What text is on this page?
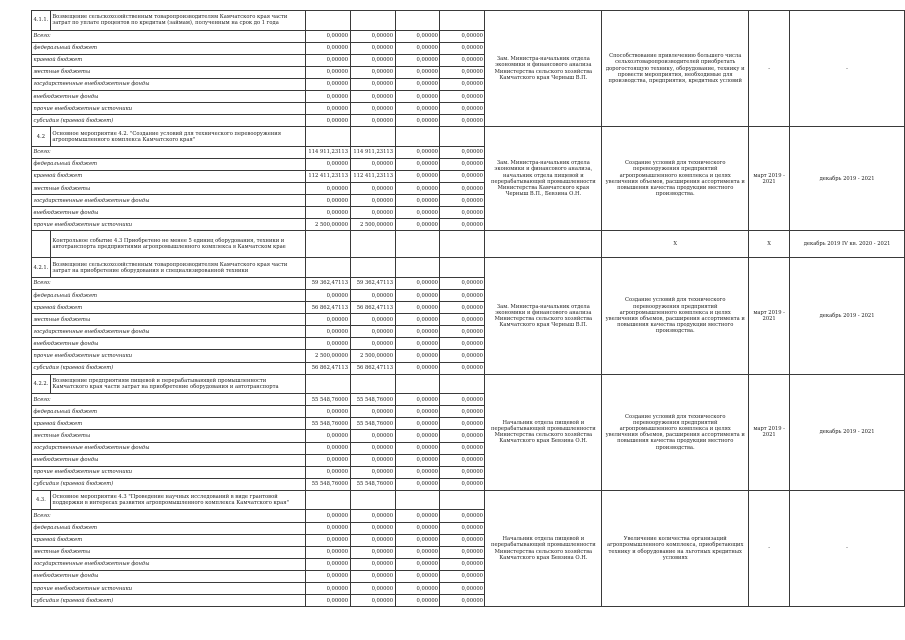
4.1.1.	Возмещение сельскохозяйственным товаропроизводителям Камчатского края части затрат по уплате процентов по кредитам (займам), полученным на срок до 1 года					Зам. Министра-начальник отдела экономики и финансового анализа Министерства сельского хозяйства Камчатского края Черныш В.П.	Способствование привлечению большего числа сельхозтоваропроизводителей приобретать дорогостоящую технику, оборудование, технику и провести мероприятия, необходимые для производства, предприятия, кредитных условий	-	-
Всего:		0,00000	0,00000	0,00000	0,00000				
федеральный бюджет		0,00000	0,00000	0,00000	0,00000				
краевой бюджет		0,00000	0,00000	0,00000	0,00000				
местные бюджеты		0,00000	0,00000	0,00000	0,00000				
государственные внебюджетные фонды		0,00000	0,00000	0,00000	0,00000				
внебюджетные фонды		0,00000	0,00000	0,00000	0,00000				
прочие внебюджетные источники		0,00000	0,00000	0,00000	0,00000				
субсидия (краевой бюджет)		0,00000	0,00000	0,00000	0,00000				
4.2	Основное мероприятие 4.2. "Создание условий для технического перевооружения агропромышленного комплекса Камчатского края"					Зам. Министра-начальник отдела экономики и финансового анализа, начальник отдела пищевой и перерабатывающей промышленности Министерства Камчатского края Черныш В.П., Бевзина О.Н.	Создание условий для технического перевооружения предприятий агропромышленного комплекса и целях увеличения объемов, расширения ассортимента и повышения качества продукции местного производства.	март 2019 - 2021	декабрь 2019 - 2021
Всего:		114 911,23113	114 911,23113	0,00000	0,00000				
федеральный бюджет		0,00000	0,00000	0,00000	0,00000				
краевой бюджет		112 411,23113	112 411,23113	0,00000	0,00000				
местные бюджеты		0,00000	0,00000	0,00000	0,00000				
государственные внебюджетные фонды		0,00000	0,00000	0,00000	0,00000				
внебюджетные фонды		0,00000	0,00000	0,00000	0,00000				
прочие внебюджетные источники		2 500,00000	2 500,00000	0,00000	0,00000				
	Контрольное событие 4.3 Приобретено не менее 5 единиц оборудования, техники и автотранспорта предприятиями агропромышленного комплекса в Камчатском крае						Х	Х	декабрь 2019 IV кв. 2020 - 2021
4.2.1.	Возмещение сельскохозяйственным товаропроизводителям Камчатского края части затрат на приобретение оборудования и специализированной техники					Зам. Министра-начальник отдела экономики и финансового анализа Министерства сельского хозяйства Камчатского края Черныш В.П.	Создание условий для технического перевооружения предприятий агропромышленного комплекса и целях увеличения объемов, расширения ассортимента и повышения качества продукции местного производства.	март 2019 - 2021	декабрь 2019 - 2021
Всего:		59 362,47113	59 362,47113	0,00000	0,00000				
федеральный бюджет		0,00000	0,00000	0,00000	0,00000				
краевой бюджет		56 862,47113	56 862,47113	0,00000	0,00000				
местные бюджеты		0,00000	0,00000	0,00000	0,00000				
государственные внебюджетные фонды		0,00000	0,00000	0,00000	0,00000				
внебюджетные фонды		0,00000	0,00000	0,00000	0,00000				
прочие внебюджетные источники		2 500,00000	2 500,00000	0,00000	0,00000				
субсидия (краевой бюджет)		56 862,47113	56 862,47113	0,00000	0,00000				
4.2.2.	Возмещение предприятиям пищевой и перерабатывающей промышленности Камчатского края части затрат на приобретение оборудования и автотранспорта					Начальник отдела пищевой и перерабатывающей промышленности Министерства сельского хозяйства Камчатского края Бевзина О.Н.	Создание условий для технического перевооружения предприятий агропромышленного комплекса и целях увеличения объемов, расширения ассортимента и повышения качества продукции местного производства.	март 2019 - 2021	декабрь 2019 - 2021
Всего:		55 548,76000	55 548,76000	0,00000	0,00000				
федеральный бюджет		0,00000	0,00000	0,00000	0,00000				
краевой бюджет		55 548,76000	55 548,76000	0,00000	0,00000				
местные бюджеты		0,00000	0,00000	0,00000	0,00000				
государственные внебюджетные фонды		0,00000	0,00000	0,00000	0,00000				
внебюджетные фонды		0,00000	0,00000	0,00000	0,00000				
прочие внебюджетные источники		0,00000	0,00000	0,00000	0,00000				
субсидия (краевой бюджет)		55 548,76000	55 548,76000	0,00000	0,00000				
4.3.	Основное мероприятие 4.3 "Проведение научных исследований в виде грантовой поддержки в интересах развития агропромышленного комплекса Камчатского края"					Начальник отдела пищевой и перерабатывающей промышленности Министерства сельского хозяйства Камчатского края Бевзина О.Н.	Увеличение количества организаций агропромышленного комплекса, приобретающих технику и оборудование на льготных кредитных условиях	-	-
Всего:		0,00000	0,00000	0,00000	0,00000				
федеральный бюджет		0,00000	0,00000	0,00000	0,00000				
краевой бюджет		0,00000	0,00000	0,00000	0,00000				
местные бюджеты		0,00000	0,00000	0,00000	0,00000				
государственные внебюджетные фонды		0,00000	0,00000	0,00000	0,00000				
внебюджетные фонды		0,00000	0,00000	0,00000	0,00000				
прочие внебюджетные источники		0,00000	0,00000	0,00000	0,00000				
субсидия (краевой бюджет)		0,00000	0,00000	0,00000	0,00000				
